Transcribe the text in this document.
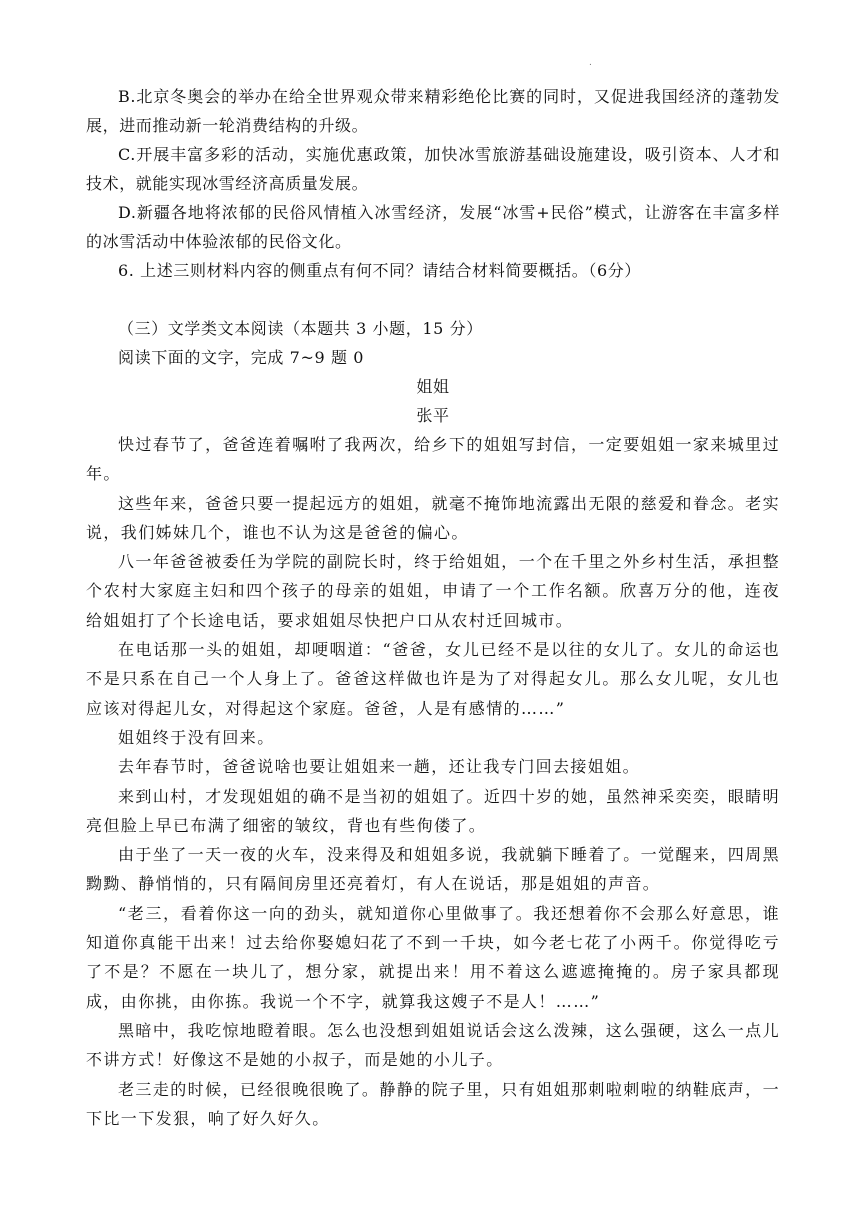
.

B.北京冬奥会的举办在给全世界观众带来精彩绝伦比赛的同时，又促进我国经济的蓬勃发展，进而推动新一轮消费结构的升级。

C.开展丰富多彩的活动，实施优惠政策，加快冰雪旅游基础设施建设，吸引资本、人才和技术，就能实现冰雪经济高质量发展。

D.新疆各地将浓郁的民俗风情植入冰雪经济，发展“冰雪+民俗”模式，让游客在丰富多样的冰雪活动中体验浓郁的民俗文化。

6. 上述三则材料内容的侧重点有何不同？请结合材料简要概括。（6分）

（三）文学类文本阅读（本题共 3 小题，15 分）

阅读下面的文字，完成 7~9 题 0

姐姐

张平

快过春节了，爸爸连着嘱咐了我两次，给乡下的姐姐写封信，一定要姐姐一家来城里过年。

这些年来，爸爸只要一提起远方的姐姐，就毫不掩饰地流露出无限的慈爱和眷念。老实说，我们姊妹几个，谁也不认为这是爸爸的偏心。

八一年爸爸被委任为学院的副院长时，终于给姐姐，一个在千里之外乡村生活，承担整个农村大家庭主妇和四个孩子的母亲的姐姐，申请了一个工作名额。欣喜万分的他，连夜给姐姐打了个长途电话，要求姐姐尽快把户口从农村迁回城市。

在电话那一头的姐姐，却哽咽道：“爸爸，女儿已经不是以往的女儿了。女儿的命运也不是只系在自己一个人身上了。爸爸这样做也许是为了对得起女儿。那么女儿呢，女儿也应该对得起儿女，对得起这个家庭。爸爸，人是有感情的……”

姐姐终于没有回来。

去年春节时，爸爸说啥也要让姐姐来一趟，还让我专门回去接姐姐。

来到山村，才发现姐姐的确不是当初的姐姐了。近四十岁的她，虽然神采奕奕，眼睛明亮但脸上早已布满了细密的皱纹，背也有些佝偻了。

由于坐了一天一夜的火车，没来得及和姐姐多说，我就躺下睡着了。一觉醒来，四周黑黝黝、静悄悄的，只有隔间房里还亮着灯，有人在说话，那是姐姐的声音。

“老三，看着你这一向的劲头，就知道你心里做事了。我还想着你不会那么好意思，谁知道你真能干出来！过去给你娶媳妇花了不到一千块，如今老七花了小两千。你觉得吃亏了不是？不愿在一块儿了，想分家，就提出来！用不着这么遮遮掩掩的。房子家具都现成，由你挑，由你拣。我说一个不字，就算我这嫂子不是人！……”

黑暗中，我吃惊地瞪着眼。怎么也没想到姐姐说话会这么泼辣，这么强硬，这么一点儿不讲方式！好像这不是她的小叔子，而是她的小儿子。

老三走的时候，已经很晚很晚了。静静的院子里，只有姐姐那刺啦刺啦的纳鞋底声，一下比一下发狠，响了好久好久。
